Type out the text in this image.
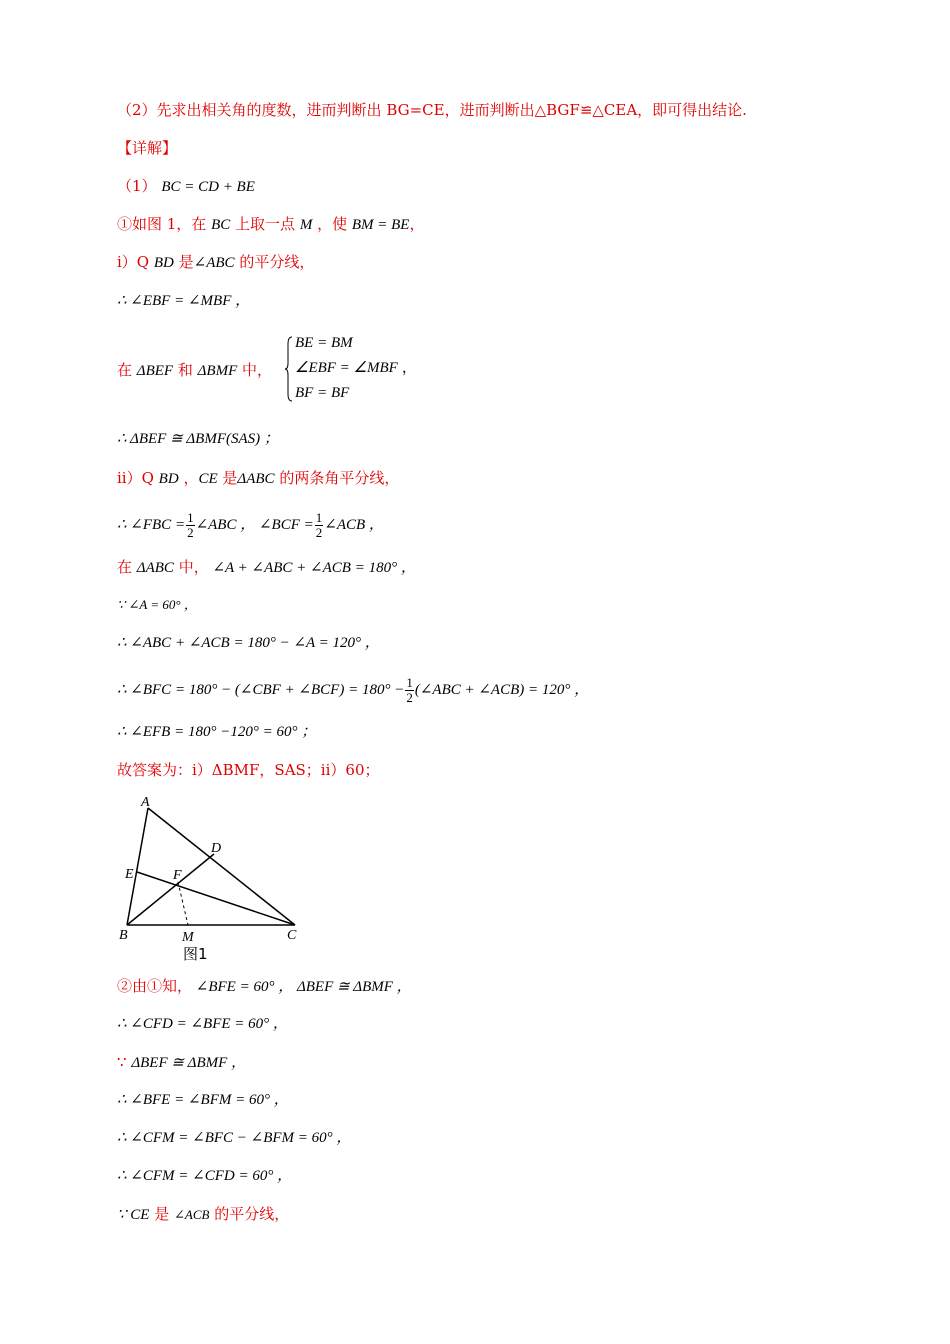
（2）先求出相关角的度数，进而判断出 BG=CE，进而判断出△BGF≌△CEA，即可得出结论.
【详解】
（1） BC = CD + BE
①如图 1，在 BC 上取一点 M ，使 BM = BE，
i）Q BD 是∠ABC 的平分线，
∴ ∠EBF = ∠MBF ，
在 ΔBEF 和 ΔBMF 中，
BE = BM
∠EBF = ∠MBF ，
BF = BF
∴ ΔBEF ≅ ΔBMF(SAS) ；
ii）Q BD ，CE 是ΔABC 的两条角平分线，
∴ ∠FBC = $\frac{1}{2}$ ∠ABC ， ∠BCF = $\frac{1}{2}$ ∠ACB ，
在 ΔABC 中， ∠A + ∠ABC + ∠ACB = 180° ，
∵ ∠A = 60° ，
∴ ∠ABC + ∠ACB = 180° − ∠A = 120° ，
∴ ∠BFC = 180° − (∠CBF + ∠BCF) = $180^\circ - \frac{1}{2}$ (∠ABC + ∠ACB) = 120° ，
∴ ∠EFB = 180° −120° = 60° ；
故答案为：i）ΔBMF，SAS；ii）60；
A
B	C
D
E	F
M
图1
②由①知， ∠BFE = 60° ， ΔBEF ≅ ΔBMF ，
∴ ∠CFD = ∠BFE = 60° ，
∵ ΔBEF ≅ ΔBMF ，
∴ ∠BFE = ∠BFM = 60° ，
∴ ∠CFM = ∠BFC − ∠BFM = 60° ，
∴ ∠CFM = ∠CFD = 60° ，
∵ CE 是 ∠ACB 的平分线，
